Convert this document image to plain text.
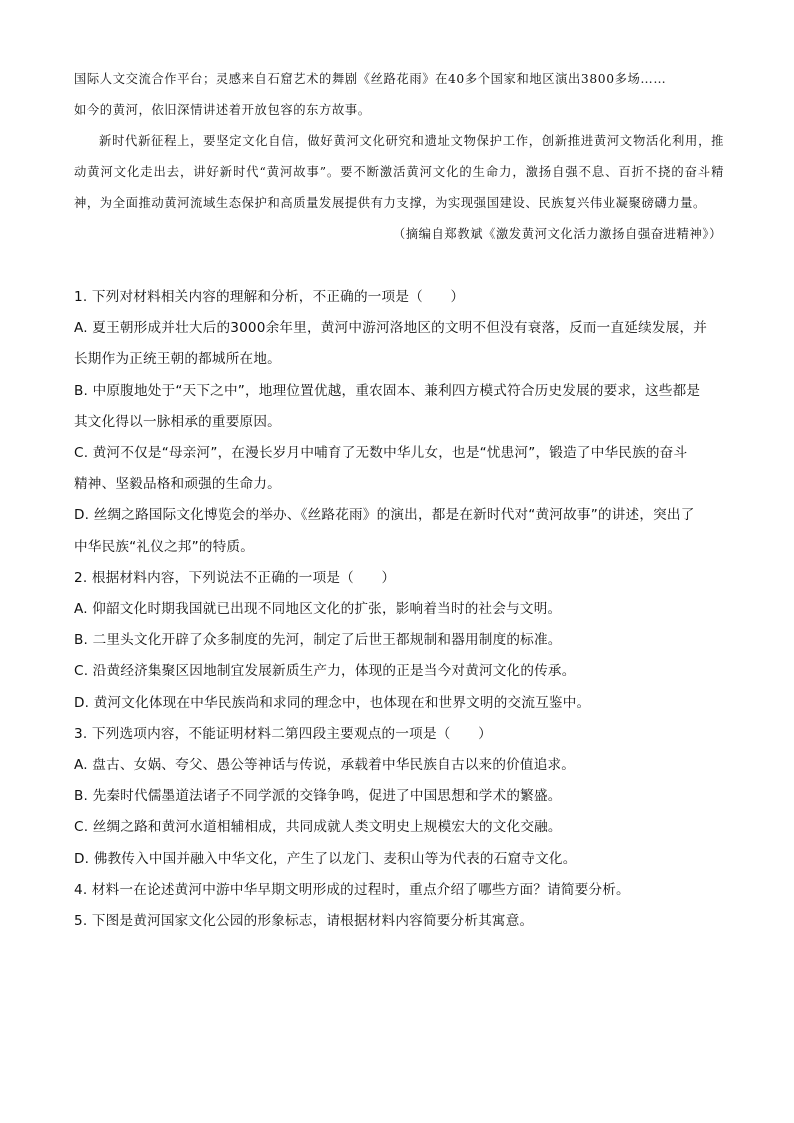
国际人文交流合作平台；灵感来自石窟艺术的舞剧《丝路花雨》在40多个国家和地区演出3800多场……

如今的黄河，依旧深情讲述着开放包容的东方故事。

新时代新征程上，要坚定文化自信，做好黄河文化研究和遗址文物保护工作，创新推进黄河文物活化利用，推动黄河文化走出去，讲好新时代“黄河故事”。要不断激活黄河文化的生命力，激扬自强不息、百折不挠的奋斗精神，为全面推动黄河流域生态保护和高质量发展提供有力支撑，为实现强国建设、民族复兴伟业凝聚磅礴力量。

（摘编自郑教斌《激发黄河文化活力激扬自强奋进精神》）

1. 下列对材料相关内容的理解和分析，不正确的一项是（　　）

A. 夏王朝形成并壮大后的3000余年里，黄河中游河洛地区的文明不但没有衰落，反而一直延续发展，并

长期作为正统王朝的都城所在地。

B. 中原腹地处于“天下之中”，地理位置优越，重农固本、兼利四方模式符合历史发展的要求，这些都是

其文化得以一脉相承的重要原因。

C. 黄河不仅是“母亲河”，在漫长岁月中哺育了无数中华儿女，也是“忧患河”，锻造了中华民族的奋斗

精神、坚毅品格和顽强的生命力。

D. 丝绸之路国际文化博览会的举办、《丝路花雨》的演出，都是在新时代对“黄河故事”的讲述，突出了

中华民族“礼仪之邦”的特质。

2. 根据材料内容，下列说法不正确的一项是（　　）

A. 仰韶文化时期我国就已出现不同地区文化的扩张，影响着当时的社会与文明。

B. 二里头文化开辟了众多制度的先河，制定了后世王都规制和器用制度的标准。

C. 沿黄经济集聚区因地制宜发展新质生产力，体现的正是当今对黄河文化的传承。

D. 黄河文化体现在中华民族尚和求同的理念中，也体现在和世界文明的交流互鉴中。

3. 下列选项内容，不能证明材料二第四段主要观点的一项是（　　）

A. 盘古、女娲、夸父、愚公等神话与传说，承载着中华民族自古以来的价值追求。

B. 先秦时代儒墨道法诸子不同学派的交锋争鸣，促进了中国思想和学术的繁盛。

C. 丝绸之路和黄河水道相辅相成，共同成就人类文明史上规模宏大的文化交融。

D. 佛教传入中国并融入中华文化，产生了以龙门、麦积山等为代表的石窟寺文化。

4. 材料一在论述黄河中游中华早期文明形成的过程时，重点介绍了哪些方面？请简要分析。

5. 下图是黄河国家文化公园的形象标志，请根据材料内容简要分析其寓意。
